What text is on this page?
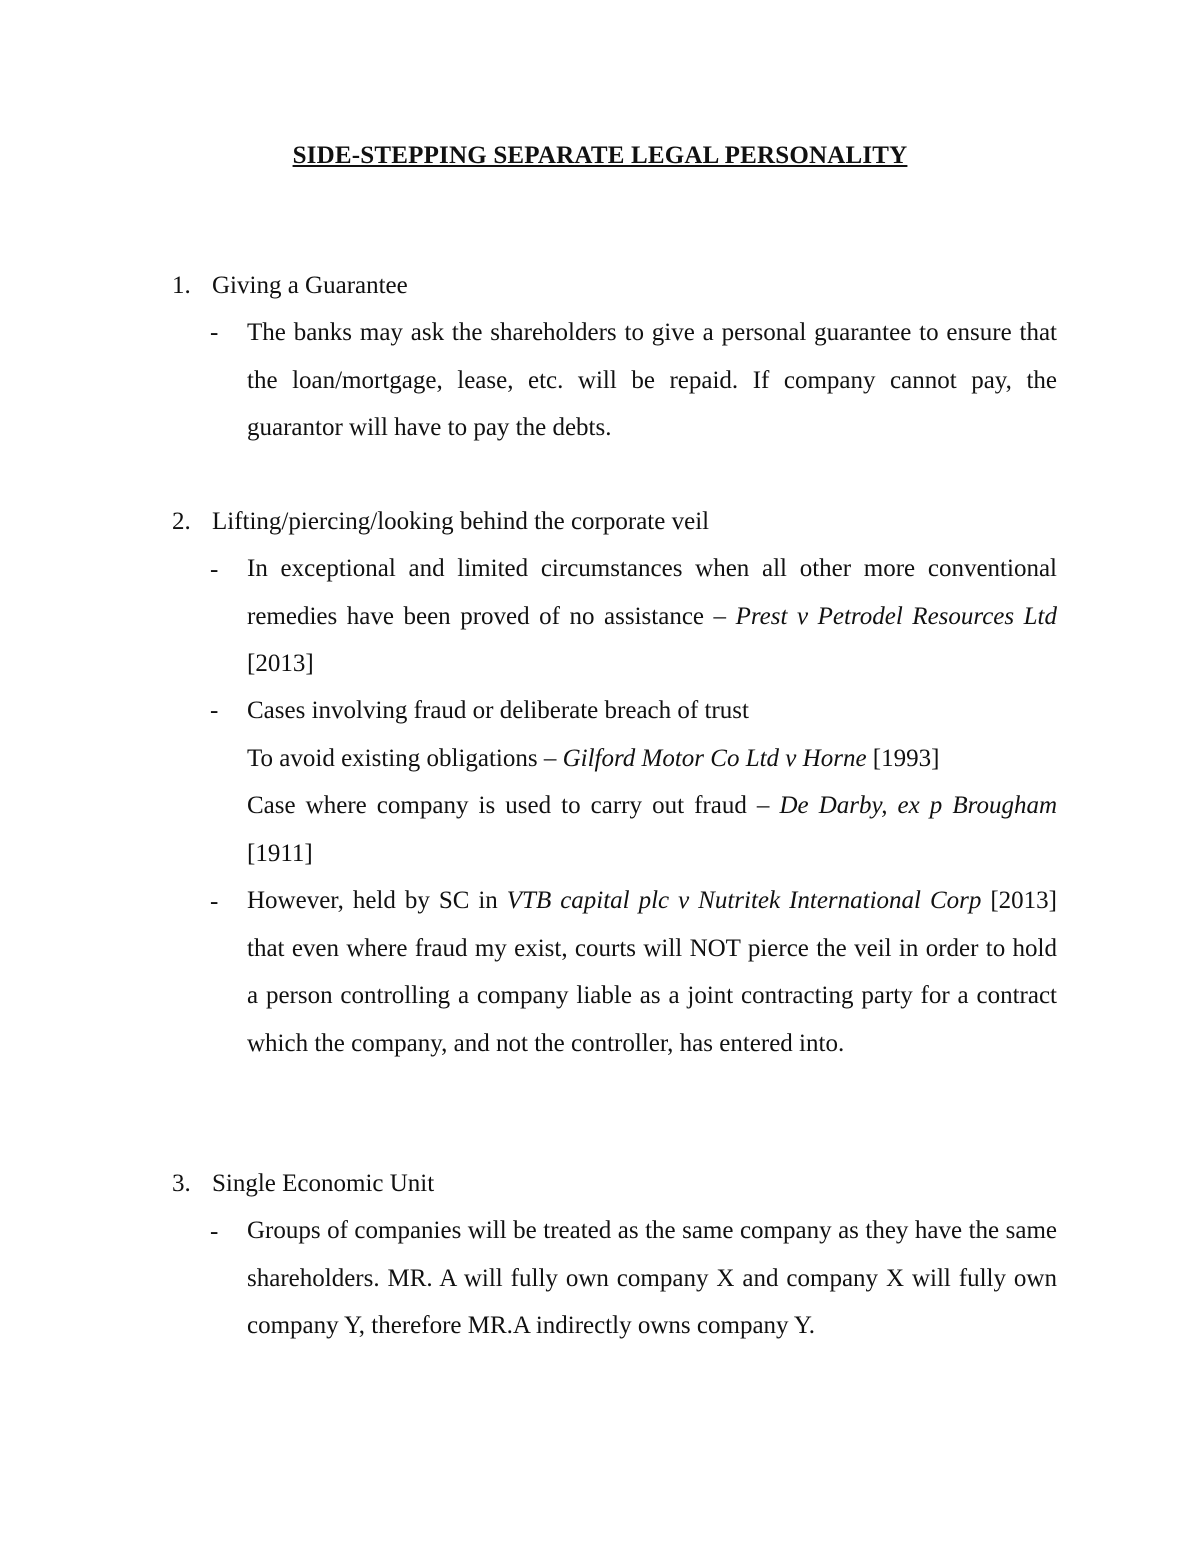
SIDE-STEPPING SEPARATE LEGAL PERSONALITY
1. Giving a Guarantee
- The banks may ask the shareholders to give a personal guarantee to ensure that the loan/mortgage, lease, etc. will be repaid. If company cannot pay, the guarantor will have to pay the debts.
2. Lifting/piercing/looking behind the corporate veil
- In exceptional and limited circumstances when all other more conventional remedies have been proved of no assistance – Prest v Petrodel Resources Ltd [2013]
- Cases involving fraud or deliberate breach of trust
To avoid existing obligations – Gilford Motor Co Ltd v Horne [1993]
Case where company is used to carry out fraud – De Darby, ex p Brougham [1911]
- However, held by SC in VTB capital plc v Nutritek International Corp [2013] that even where fraud my exist, courts will NOT pierce the veil in order to hold a person controlling a company liable as a joint contracting party for a contract which the company, and not the controller, has entered into.
3. Single Economic Unit
- Groups of companies will be treated as the same company as they have the same shareholders. MR. A will fully own company X and company X will fully own company Y, therefore MR.A indirectly owns company Y.
